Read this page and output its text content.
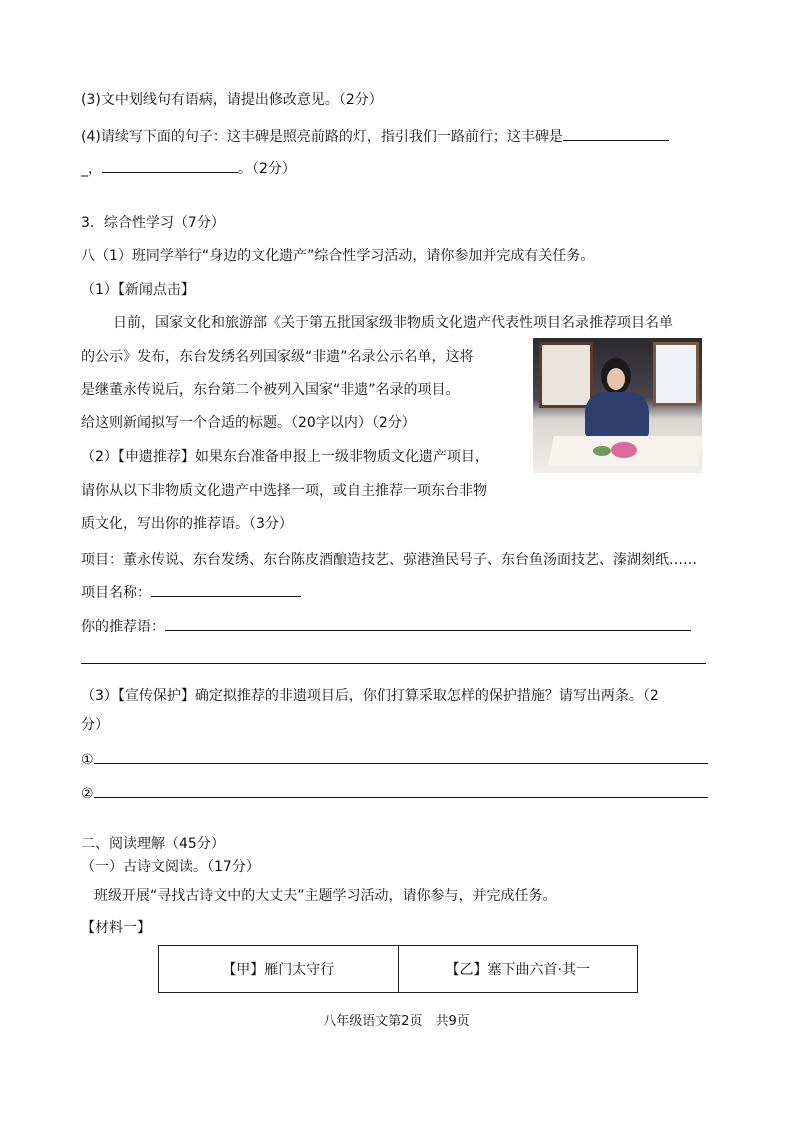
(3)文中划线句有语病，请提出修改意见。（2分）
(4)请续写下面的句子：这丰碑是照亮前路的灯，指引我们一路前行；这丰碑是
_，	。（2分）
3．综合性学习（7分）
八（1）班同学举行“身边的文化遗产”综合性学习活动，请你参加并完成有关任务。
（1）【新闻点击】
日前，国家文化和旅游部《关于第五批国家级非物质文化遗产代表性项目名录推荐项目名单
的公示》发布，东台发绣名列国家级“非遗”名录公示名单，这将
是继董永传说后，东台第二个被列入国家“非遗”名录的项目。
给这则新闻拟写一个合适的标题。（20字以内）（2分）
（2）【申遗推荐】如果东台准备申报上一级非物质文化遗产项目，
请你从以下非物质文化遗产中选择一项，或自主推荐一项东台非物
质文化，写出你的推荐语。（3分）
项目：董永传说、东台发绣、东台陈皮酒酿造技艺、弶港渔民号子、东台鱼汤面技艺、溱湖刻纸……
项目名称：
你的推荐语：
（3）【宣传保护】确定拟推荐的非遗项目后，你们打算采取怎样的保护措施？请写出两条。（2
分）
①
②
二、阅读理解（45分）
（一）古诗文阅读。（17分）
班级开展“寻找古诗文中的大丈夫”主题学习活动，请你参与，并完成任务。
【材料一】
【甲】雁门太守行	【乙】塞下曲六首·其一
八年级语文第2页　共9页
